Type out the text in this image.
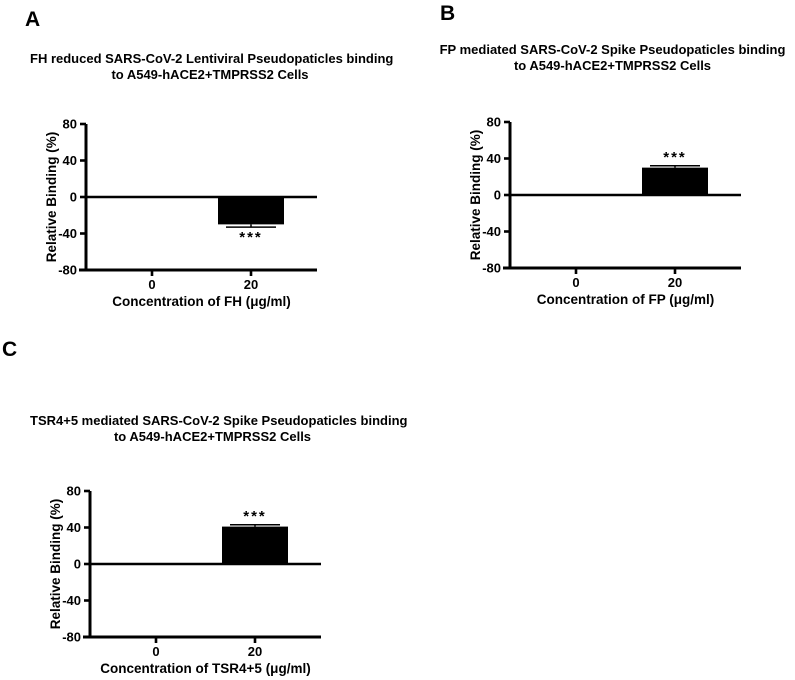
A
FH reduced SARS-CoV-2 Lentiviral Pseudopaticles binding
to A549-hACE2+TMPRSS2 Cells
***
80
40
0
-40
-80
0	20
Concentration of FH (μg/ml)
Relative Binding (%)
B
FP mediated SARS-CoV-2 Spike Pseudopaticles binding
to A549-hACE2+TMPRSS2 Cells
***
80
40
0
-40
-80
0	20
Concentration of FP (μg/ml)
Relative Binding (%)
C
TSR4+5 mediated SARS-CoV-2 Spike Pseudopaticles binding
to A549-hACE2+TMPRSS2 Cells
***
80
40
0
-40
-80
0	20
Concentration of TSR4+5 (μg/ml)
Relative Binding (%)
